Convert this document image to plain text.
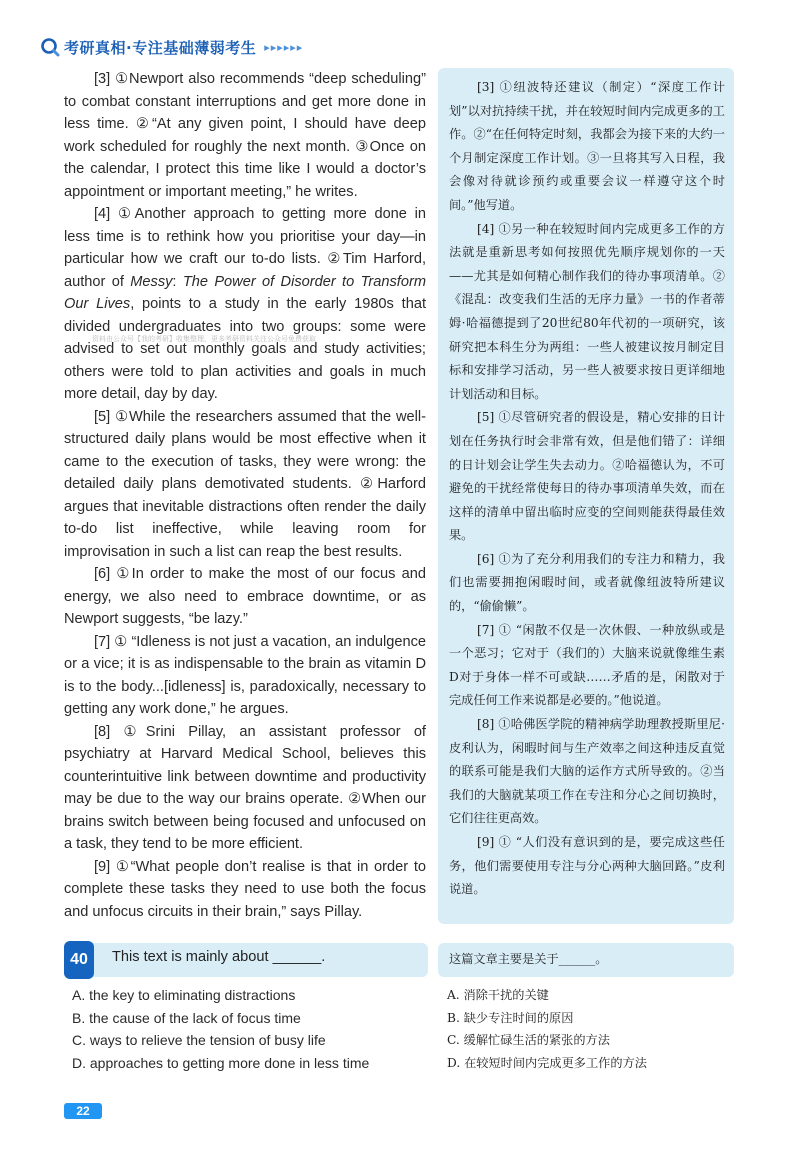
考研真相·专注基础薄弱考生 ▸▸▸▸▸▸

[3] ①Newport also recommends “deep scheduling” to combat constant interruptions and get more done in less time. ②“At any given point, I should have deep work scheduled for roughly the next month. ③Once on the calendar, I protect this time like I would a doctor’s appointment or important meeting,” he writes.

[4] ①Another approach to getting more done in less time is to rethink how you prioritise your day—in particular how we craft our to-do lists. ②Tim Harford, author of Messy: The Power of Disorder to Transform Our Lives, points to a study in the early 1980s that divided undergraduates into two groups: some were advised to set out monthly goals and study activities; others were told to plan activities and goals in much more detail, day by day.

[5] ①While the researchers assumed that the well-structured daily plans would be most effective when it came to the execution of tasks, they were wrong: the detailed daily plans demotivated students. ②Harford argues that inevitable distractions often render the daily to-do list ineffective, while leaving room for improvisation in such a list can reap the best results.

[6] ①In order to make the most of our focus and energy, we also need to embrace downtime, or as Newport suggests, “be lazy.”

[7] ① “Idleness is not just a vacation, an indulgence or a vice; it is as indispensable to the brain as vitamin D is to the body...[idleness] is, paradoxically, necessary to getting any work done,” he argues.

[8] ①Srini Pillay, an assistant professor of psychiatry at Harvard Medical School, believes this counterintuitive link between downtime and productivity may be due to the way our brains operate. ②When our brains switch between being focused and unfocused on a task, they tend to be more efficient.

[9] ①“What people don’t realise is that in order to complete these tasks they need to use both the focus and unfocus circuits in their brain,” says Pillay.

资料由公众号【我的考研】收集整理，更多考研资料关注公众号免费获取

[3] ①纽波特还建议（制定）“深度工作计划”以对抗持续干扰，并在较短时间内完成更多的工作。②“在任何特定时刻，我都会为接下来的大约一个月制定深度工作计划。③一旦将其写入日程，我会像对待就诊预约或重要会议一样遵守这个时间。”他写道。

[4] ①另一种在较短时间内完成更多工作的方法就是重新思考如何按照优先顺序规划你的一天——尤其是如何精心制作我们的待办事项清单。②《混乱：改变我们生活的无序力量》一书的作者蒂姆·哈福德提到了20世纪80年代初的一项研究，该研究把本科生分为两组：一些人被建议按月制定目标和安排学习活动，另一些人被要求按日更详细地计划活动和目标。

[5] ①尽管研究者的假设是，精心安排的日计划在任务执行时会非常有效，但是他们错了：详细的日计划会让学生失去动力。②哈福德认为，不可避免的干扰经常使每日的待办事项清单失效，而在这样的清单中留出临时应变的空间则能获得最佳效果。

[6] ①为了充分利用我们的专注力和精力，我们也需要拥抱闲暇时间，或者就像纽波特所建议的，“偷偷懒”。

[7] ① “闲散不仅是一次休假、一种放纵或是一个恶习；它对于（我们的）大脑来说就像维生素D对于身体一样不可或缺……矛盾的是，闲散对于完成任何工作来说都是必要的。”他说道。

[8] ①哈佛医学院的精神病学助理教授斯里尼·皮利认为，闲暇时间与生产效率之间这种违反直觉的联系可能是我们大脑的运作方式所导致的。②当我们的大脑就某项工作在专注和分心之间切换时，它们往往更高效。

[9] ① “人们没有意识到的是，要完成这些任务，他们需要使用专注与分心两种大脑回路。”皮利说道。

40	This text is mainly about ______.	这篇文章主要是关于______。
A. the key to eliminating distractions
B. the cause of the lack of focus time
C. ways to relieve the tension of busy life
D. approaches to getting more done in less time
A. 消除干扰的关键
B. 缺少专注时间的原因
C. 缓解忙碌生活的紧张的方法
D. 在较短时间内完成更多工作的方法
22
